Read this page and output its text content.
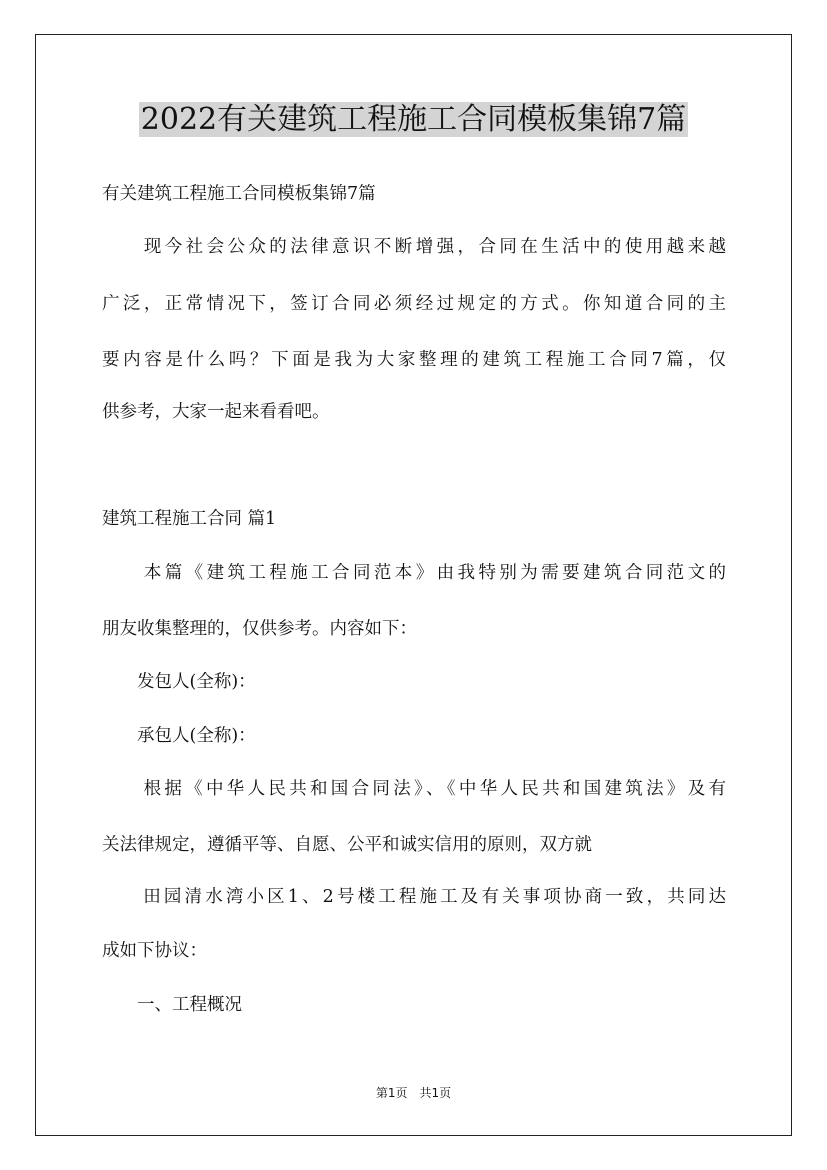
2022有关建筑工程施工合同模板集锦7篇
有关建筑工程施工合同模板集锦7篇
　　现今社会公众的法律意识不断增强，合同在生活中的使用越来越
广泛，正常情况下，签订合同必须经过规定的方式。你知道合同的主
要内容是什么吗？下面是我为大家整理的建筑工程施工合同7篇，仅
供参考，大家一起来看看吧。
建筑工程施工合同 篇1
　　本篇《建筑工程施工合同范本》由我特别为需要建筑合同范文的
朋友收集整理的，仅供参考。内容如下：
　　发包人(全称)：
　　承包人(全称)：
　　根据《中华人民共和国合同法》、《中华人民共和国建筑法》及有
关法律规定，遵循平等、自愿、公平和诚实信用的原则，双方就
　　田园清水湾小区1、2号楼工程施工及有关事项协商一致，共同达
成如下协议：
　　一、工程概况
第1页　共1页
